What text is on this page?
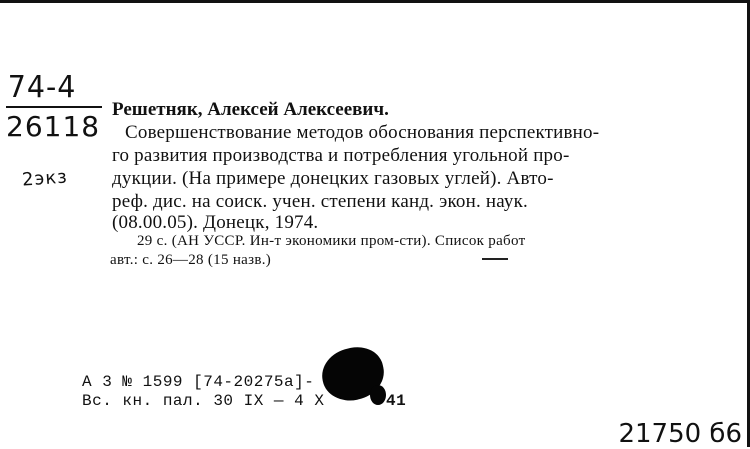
74-4
26118
2экз
Решетняк, Алексей Алексеевич.
Совершенствование методов обоснования перспективно-
го развития производства и потребления угольной про-
дукции. (На примере донецких газовых углей). Авто-
реф. дис. на соиск. учен. степени канд. экон. наук.
(08.00.05). Донецк, 1974.
29 с. (АН УССР. Ин-т экономики пром-сти). Список работ
авт.: с. 26—28 (15 назв.)
А 3 № 1599 [74-20275а]-
Вс. кн. пал. 30 IX — 4 X	41
21750 б6
